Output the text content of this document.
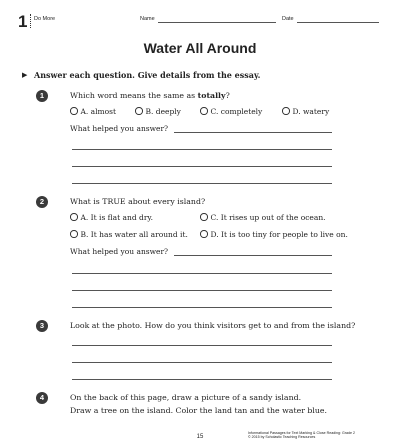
1 Do More	Name	Date
Water All Around
▶ Answer each question. Give details from the essay.
1	Which word means the same as totally?
A. almost	B. deeply	C. completely	D. watery
What helped you answer?
2	What is TRUE about every island?
A. It is flat and dry.	C. It rises up out of the ocean.
B. It has water all around it.	D. It is too tiny for people to live on.
What helped you answer?
3	Look at the photo. How do you think visitors get to and from the island?
4	On the back of this page, draw a picture of a sandy island.
Draw a tree on the island. Color the land tan and the water blue.
15
Informational Passages for Text Marking & Close Reading: Grade 2
© 2015 by Scholastic Teaching Resources
